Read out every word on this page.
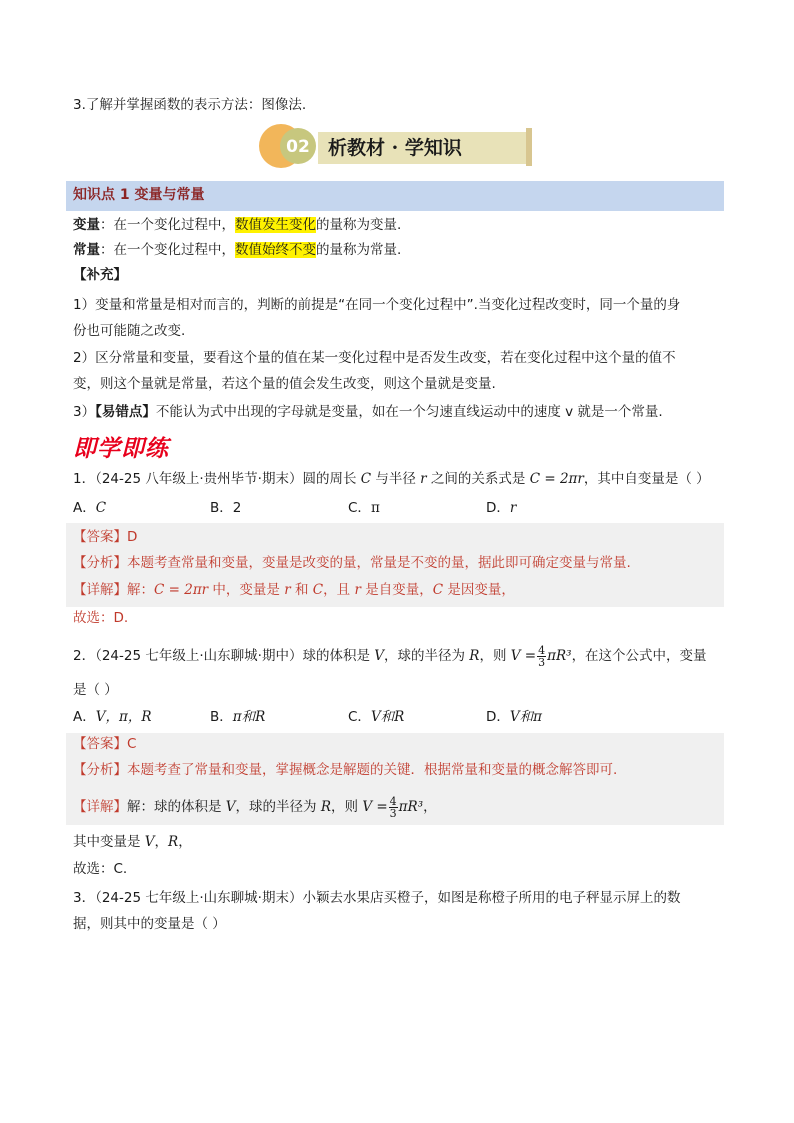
3.了解并掌握函数的表示方法：图像法.
02 析教材 · 学知识
知识点 1 变量与常量
变量：在一个变化过程中，数值发生变化的量称为变量.
常量：在一个变化过程中，数值始终不变的量称为常量.
【补充】
1）变量和常量是相对而言的，判断的前提是“在同一个变化过程中”.当变化过程改变时，同一个量的身
份也可能随之改变.
2）区分常量和变量，要看这个量的值在某一变化过程中是否发生改变，若在变化过程中这个量的值不
变，则这个量就是常量，若这个量的值会发生改变，则这个量就是变量.
3）【易错点】不能认为式中出现的字母就是变量，如在一个匀速直线运动中的速度 v 就是一个常量.
即学即练
1．（24-25 八年级上·贵州毕节·期末）圆的周长 C 与半径 r 之间的关系式是 C = 2πr，其中自变量是（ ）
A．C	B．2	C．π	D．r
【答案】D
【分析】本题考查常量和变量，变量是改变的量，常量是不变的量，据此即可确定变量与常量.
【详解】解：C = 2πr 中，变量是 r 和 C，且 r 是自变量，C 是因变量，
故选：D.
2．（24-25 七年级上·山东聊城·期中）球的体积是 V，球的半径为 R，则 $V = \frac{4}{3} \pi R^3$，在这个公式中，变量
是（ ）
A．V，π，R	B．π和R	C．V和R	D．V和π
【答案】C
【分析】本题考查了常量和变量，掌握概念是解题的关键．根据常量和变量的概念解答即可.
【详解】解：球的体积是 V，球的半径为 R，则 $V = \frac{4}{3} \pi R^3$，
其中变量是 V，R，
故选：C.
3．（24-25 七年级上·山东聊城·期末）小颖去水果店买橙子，如图是称橙子所用的电子秤显示屏上的数
据，则其中的变量是（ ）
